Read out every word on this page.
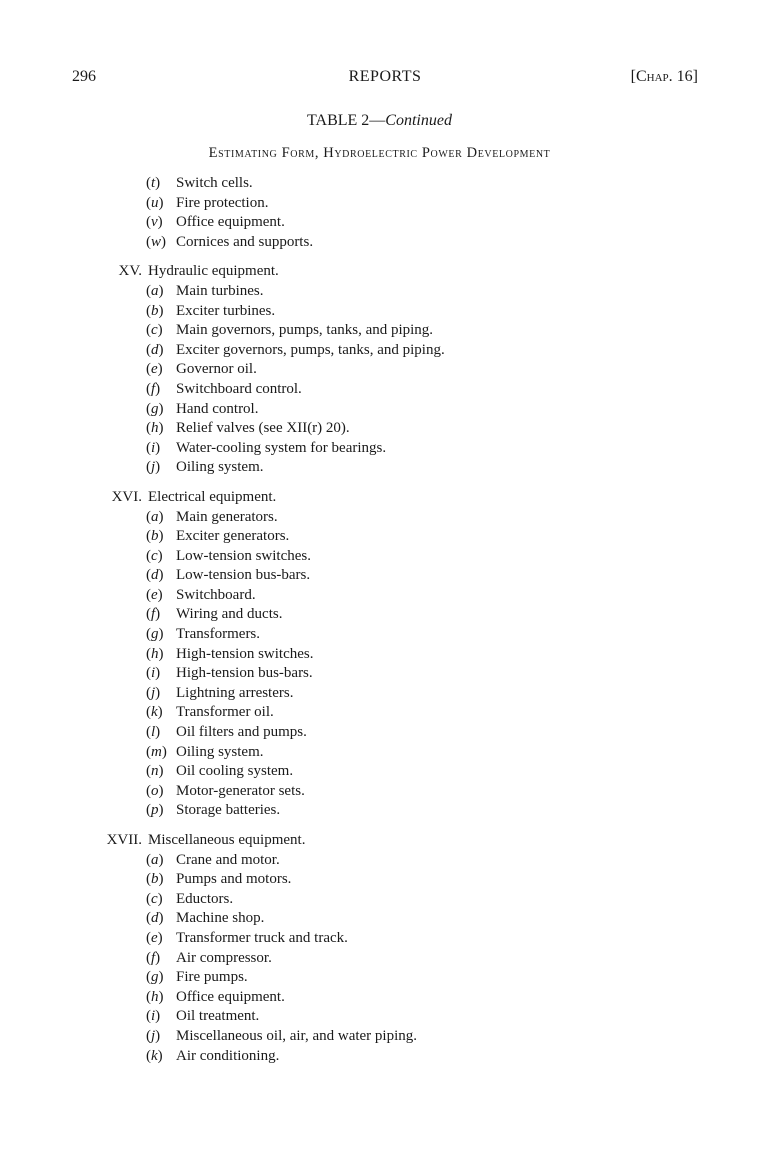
296	REPORTS	[Chap. 16]
TABLE 2—Continued
Estimating Form, Hydroelectric Power Development
(t) Switch cells.
(u) Fire protection.
(v) Office equipment.
(w) Cornices and supports.
XV. Hydraulic equipment.
(a) Main turbines.
(b) Exciter turbines.
(c) Main governors, pumps, tanks, and piping.
(d) Exciter governors, pumps, tanks, and piping.
(e) Governor oil.
(f) Switchboard control.
(g) Hand control.
(h) Relief valves (see XII(r) 20).
(i) Water-cooling system for bearings.
(j) Oiling system.
XVI. Electrical equipment.
(a) Main generators.
(b) Exciter generators.
(c) Low-tension switches.
(d) Low-tension bus-bars.
(e) Switchboard.
(f) Wiring and ducts.
(g) Transformers.
(h) High-tension switches.
(i) High-tension bus-bars.
(j) Lightning arresters.
(k) Transformer oil.
(l) Oil filters and pumps.
(m) Oiling system.
(n) Oil cooling system.
(o) Motor-generator sets.
(p) Storage batteries.
XVII. Miscellaneous equipment.
(a) Crane and motor.
(b) Pumps and motors.
(c) Eductors.
(d) Machine shop.
(e) Transformer truck and track.
(f) Air compressor.
(g) Fire pumps.
(h) Office equipment.
(i) Oil treatment.
(j) Miscellaneous oil, air, and water piping.
(k) Air conditioning.
